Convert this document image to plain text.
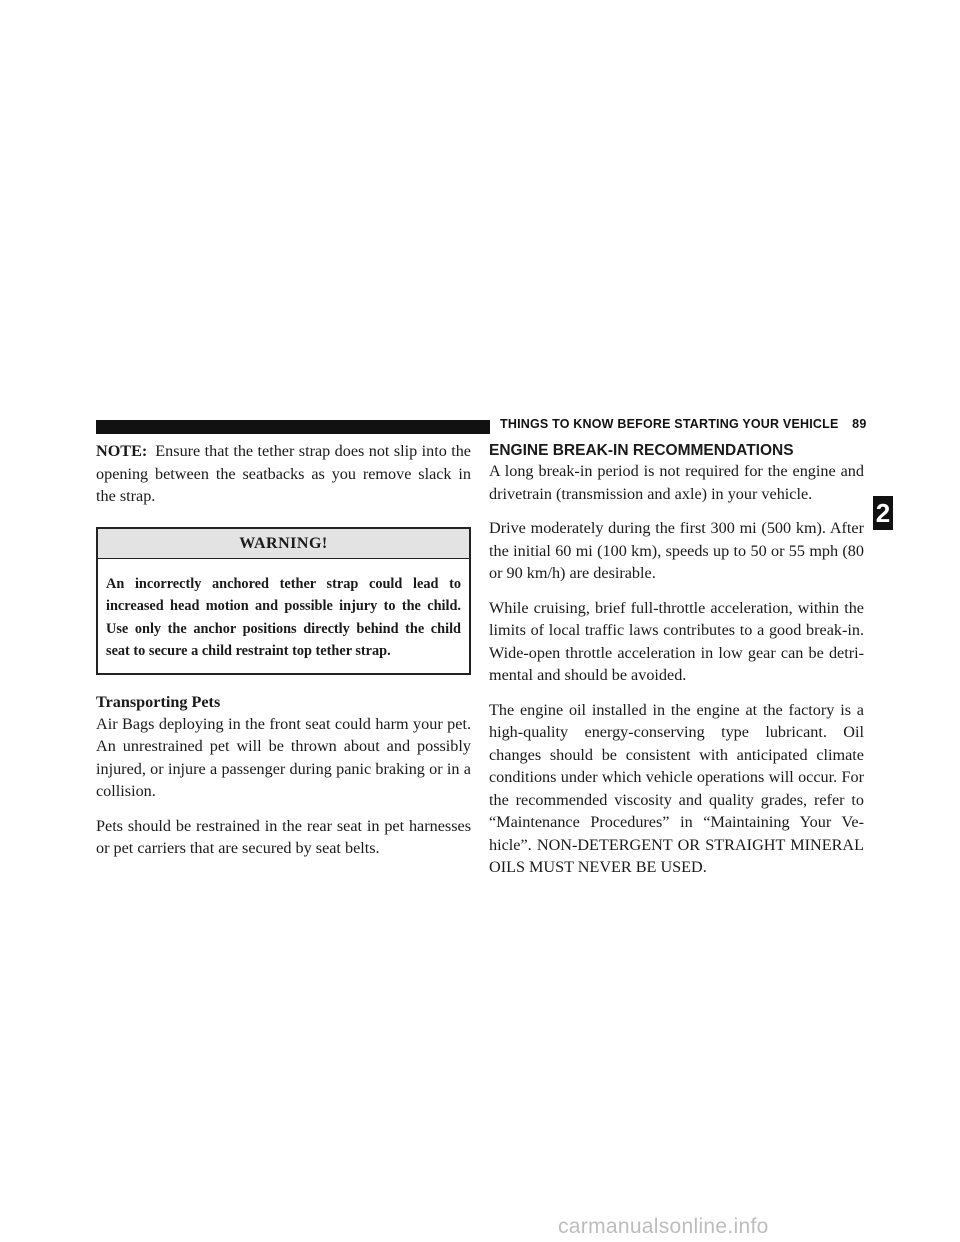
THINGS TO KNOW BEFORE STARTING YOUR VEHICLE 89

NOTE: Ensure that the tether strap does not slip into the opening between the seatbacks as you remove slack in the strap.

WARNING!
An incorrectly anchored tether strap could lead to increased head motion and possible injury to the child. Use only the anchor positions directly behind the child seat to secure a child restraint top tether strap.
Transporting Pets

Air Bags deploying in the front seat could harm your pet. An unrestrained pet will be thrown about and possibly injured, or injure a passenger during panic braking or in a collision.

Pets should be restrained in the rear seat in pet harnesses or pet carriers that are secured by seat belts.

ENGINE BREAK-IN RECOMMENDATIONS

A long break-in period is not required for the engine and drivetrain (transmission and axle) in your vehicle.

Drive moderately during the first 300 mi (500 km). After the initial 60 mi (100 km), speeds up to 50 or 55 mph (80 or 90 km/h) are desirable.

While cruising, brief full-throttle acceleration, within the limits of local traffic laws contributes to a good break-in. Wide-open throttle acceleration in low gear can be detri-mental and should be avoided.

The engine oil installed in the engine at the factory is a high-quality energy-conserving type lubricant. Oil changes should be consistent with anticipated climate conditions under which vehicle operations will occur. For the recommended viscosity and quality grades, refer to “Maintenance Procedures” in “Maintaining Your Ve-hicle”. NON-DETERGENT OR STRAIGHT MINERAL OILS MUST NEVER BE USED.

2
carmanualsonline.info
